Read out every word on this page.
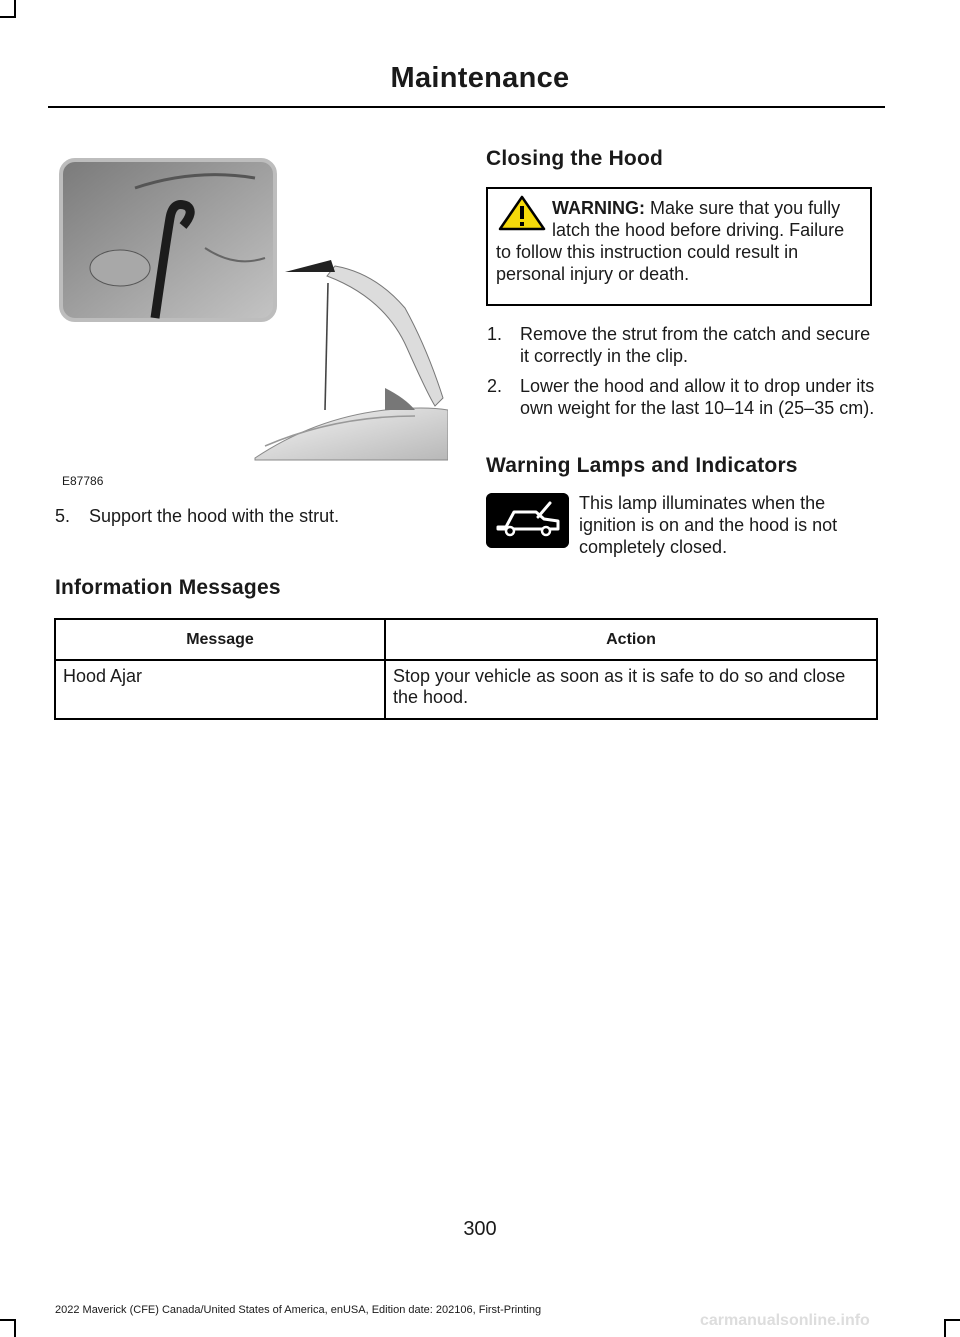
Maintenance
E87786
5. Support the hood with the strut.
Closing the Hood
WARNING: Make sure that you fully latch the hood before driving. Failure to follow this instruction could result in personal injury or death.
1. Remove the strut from the catch and secure it correctly in the clip.
2. Lower the hood and allow it to drop under its own weight for the last 10–14 in (25–35 cm).
Warning Lamps and Indicators
This lamp illuminates when the ignition is on and the hood is not completely closed.
Information Messages
Message	Action
Hood Ajar	Stop your vehicle as soon as it is safe to do so and close the hood.
300
2022 Maverick (CFE) Canada/United States of America, enUSA, Edition date: 202106, First-Printing
carmanualsonline.info
